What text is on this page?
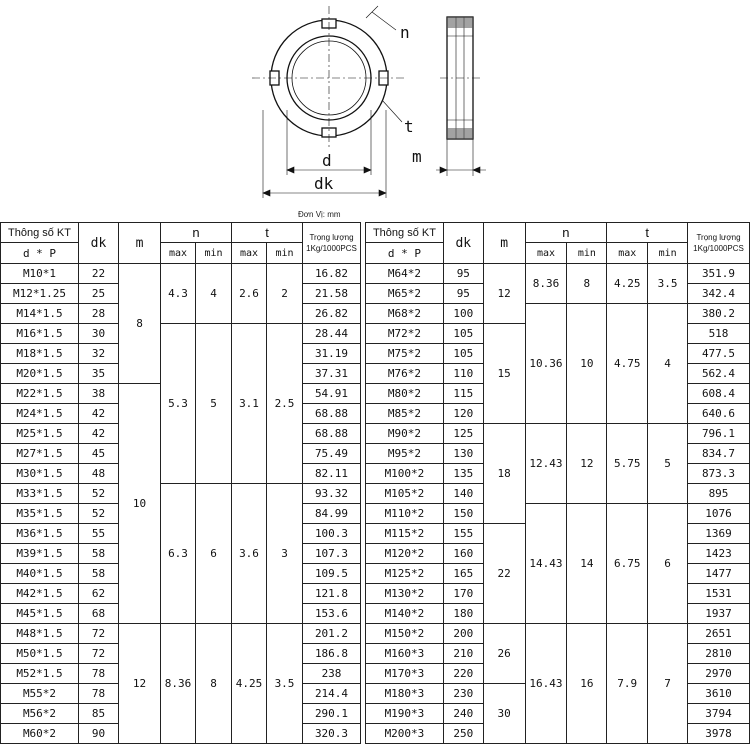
n
t
d
dk
m
Đơn Vị: mm
Thông số KT	dk	m	n		t		Trọng lượng
1Kg/1000PCS
d * P			max	min	max	min	
M10*1	22	8	4.3	4	2.6	2	16.82
M12*1.25	25						21.58
M14*1.5	28						26.82
M16*1.5	30		5.3	5	3.1	2.5	28.44
M18*1.5	32						31.19
M20*1.5	35						37.31
M22*1.5	38	10					54.91
M24*1.5	42						68.88
M25*1.5	42						68.88
M27*1.5	45						75.49
M30*1.5	48						82.11
M33*1.5	52		6.3	6	3.6	3	93.32
M35*1.5	52						84.99
M36*1.5	55						100.3
M39*1.5	58						107.3
M40*1.5	58						109.5
M42*1.5	62						121.8
M45*1.5	68						153.6
M48*1.5	72	12	8.36	8	4.25	3.5	201.2
M50*1.5	72						186.8
M52*1.5	78						238
M55*2	78						214.4
M56*2	85						290.1
M60*2	90						320.3
Thông số KT	dk	m	n		t		Trọng lượng
1Kg/1000PCS
d * P			max	min	max	min	
M64*2	95	12	8.36	8	4.25	3.5	351.9
M65*2	95						342.4
M68*2	100		10.36	10	4.75	4	380.2
M72*2	105	15					518
M75*2	105						477.5
M76*2	110						562.4
M80*2	115						608.4
M85*2	120						640.6
M90*2	125	18	12.43	12	5.75	5	796.1
M95*2	130						834.7
M100*2	135						873.3
M105*2	140						895
M110*2	150		14.43	14	6.75	6	1076
M115*2	155	22					1369
M120*2	160						1423
M125*2	165						1477
M130*2	170						1531
M140*2	180						1937
M150*2	200	26	16.43	16	7.9	7	2651
M160*3	210						2810
M170*3	220						2970
M180*3	230	30					3610
M190*3	240						3794
M200*3	250						3978
